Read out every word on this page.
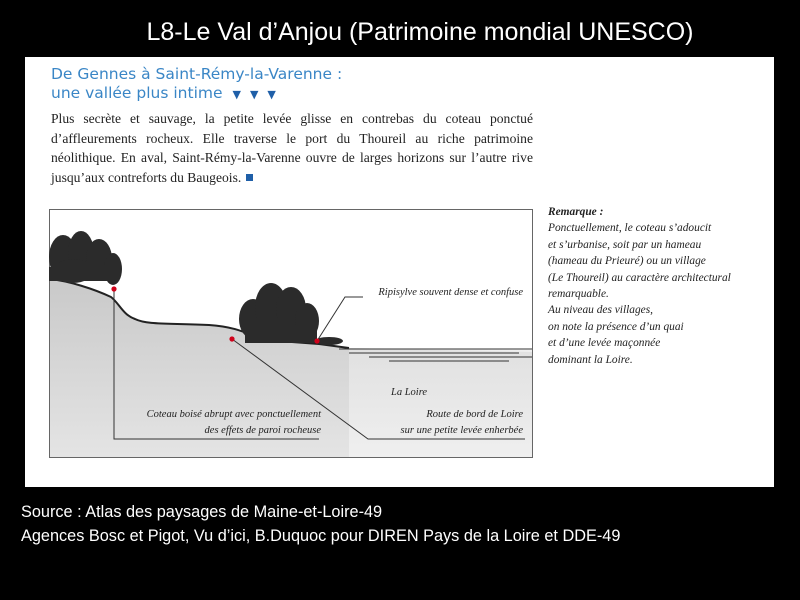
L8-Le Val d’Anjou (Patrimoine mondial UNESCO)
De Gennes à Saint-Rémy-la-Varenne :
une vallée plus intime ▼▼▼
Plus secrète et sauvage, la petite levée glisse en contrebas du coteau ponctué d’affleurements rocheux. Elle traverse le port du Thoureil au riche patrimoine néolithique. En aval, Saint-Rémy-la-Varenne ouvre de larges horizons sur l’autre rive jusqu’aux contreforts du Baugeois.
Ripisylve souvent dense et confuse
La Loire
Coteau boisé abrupt avec ponctuellement
des effets de paroi rocheuse
Route de bord de Loire
sur une petite levée enherbée
Remarque :
Ponctuellement, le coteau s’adoucit
et s’urbanise, soit par un hameau
(hameau du Prieuré) ou un village
(Le Thoureil) au caractère architectural
remarquable.
Au niveau des villages,
on note la présence d’un quai
et d’une levée maçonnée
dominant la Loire.
Source : Atlas des paysages de Maine-et-Loire-49
Agences Bosc et Pigot, Vu d’ici, B.Duquoc pour DIREN Pays de la Loire et DDE-49
